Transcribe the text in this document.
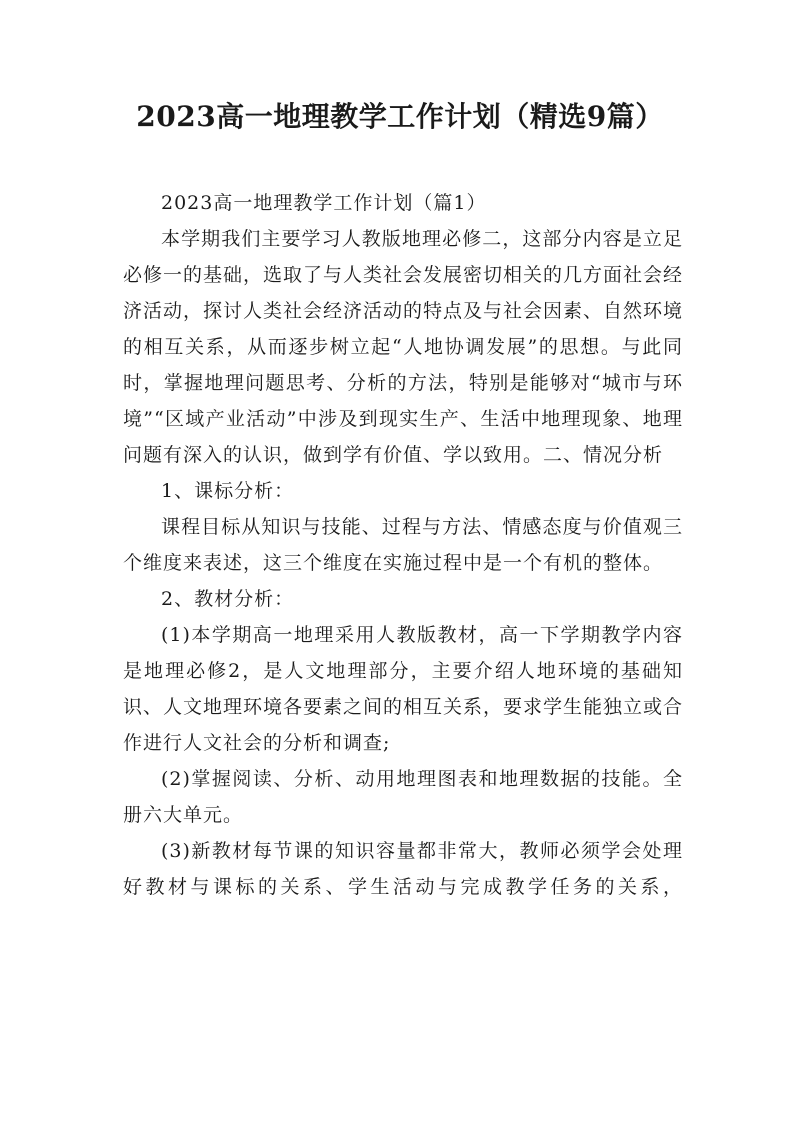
2023高一地理教学工作计划（精选9篇）

2023高一地理教学工作计划（篇1）

本学期我们主要学习人教版地理必修二，这部分内容是立足必修一的基础，选取了与人类社会发展密切相关的几方面社会经济活动，探讨人类社会经济活动的特点及与社会因素、自然环境的相互关系，从而逐步树立起“人地协调发展”的思想。与此同时，掌握地理问题思考、分析的方法，特别是能够对“城市与环境”“区域产业活动”中涉及到现实生产、生活中地理现象、地理问题有深入的认识，做到学有价值、学以致用。二、情况分析

1、课标分析：

课程目标从知识与技能、过程与方法、情感态度与价值观三个维度来表述，这三个维度在实施过程中是一个有机的整体。

2、教材分析：

(1)本学期高一地理采用人教版教材，高一下学期教学内容是地理必修2，是人文地理部分，主要介绍人地环境的基础知识、人文地理环境各要素之间的相互关系，要求学生能独立或合作进行人文社会的分析和调查;

(2)掌握阅读、分析、动用地理图表和地理数据的技能。全册六大单元。

(3)新教材每节课的知识容量都非常大，教师必须学会处理好教材与课标的关系、学生活动与完成教学任务的关系，
